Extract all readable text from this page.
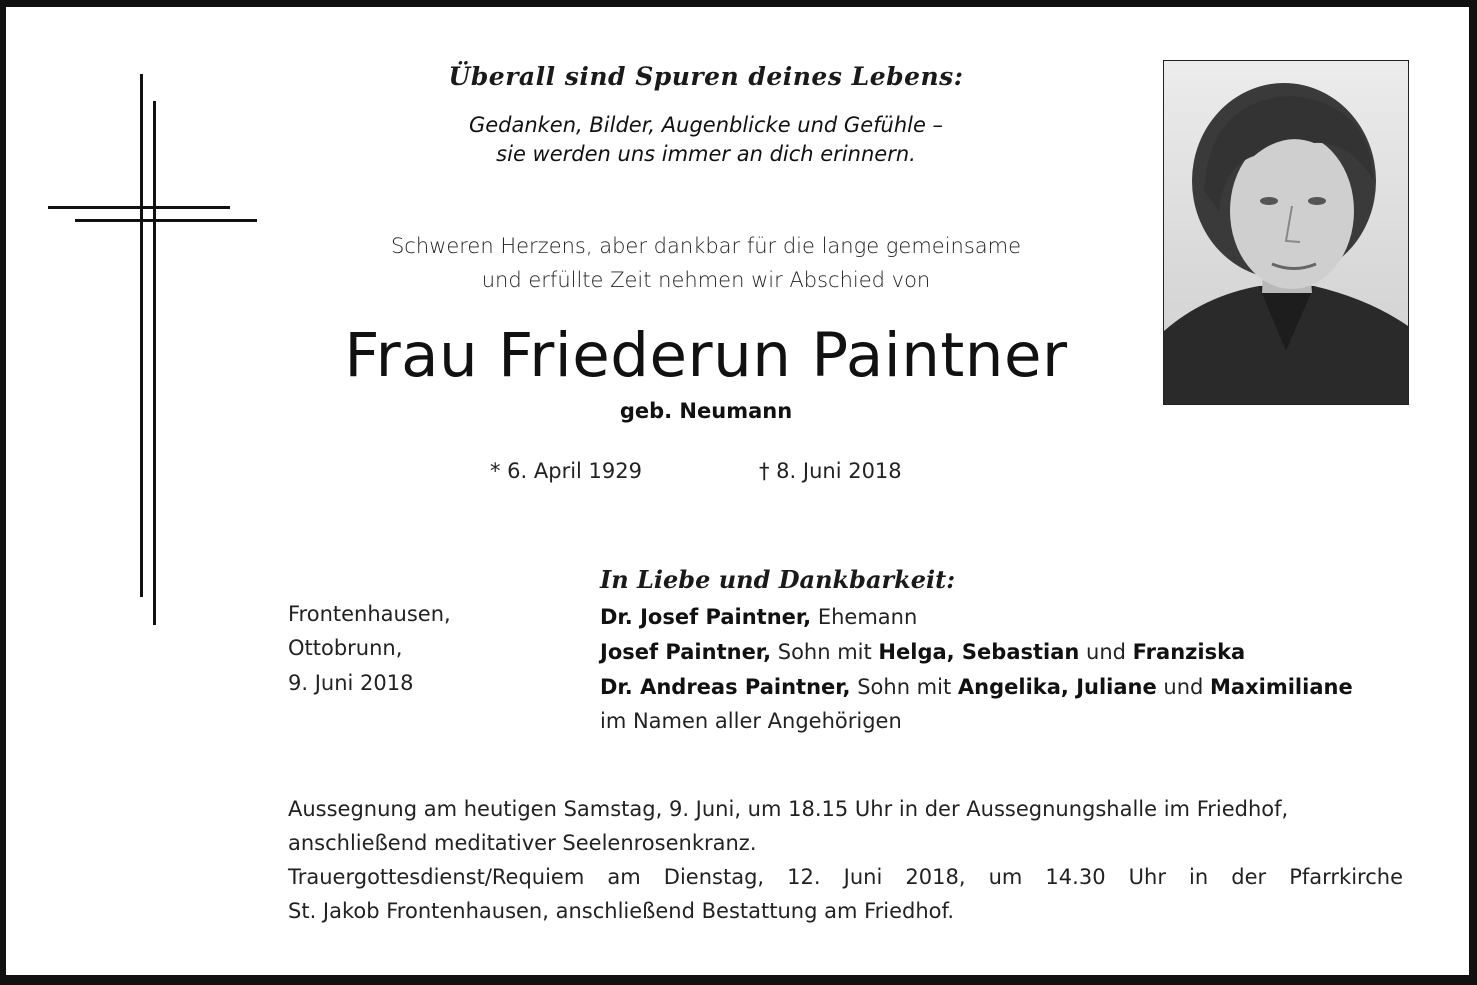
Überall sind Spuren deines Lebens:
Gedanken, Bilder, Augenblicke und Gefühle –
sie werden uns immer an dich erinnern.
Schweren Herzens, aber dankbar für die lange gemeinsame
und erfüllte Zeit nehmen wir Abschied von
Frau Friederun Paintner
geb. Neumann
* 6. April 1929	† 8. Juni 2018
In Liebe und Dankbarkeit:
Frontenhausen,
Ottobrunn,
9. Juni 2018
Dr. Josef Paintner, Ehemann
Josef Paintner, Sohn mit Helga, Sebastian und Franziska
Dr. Andreas Paintner, Sohn mit Angelika, Juliane und Maximiliane
im Namen aller Angehörigen
Aussegnung am heutigen Samstag, 9. Juni, um 18.15 Uhr in der Aussegnungshalle im Friedhof,
anschließend meditativer Seelenrosenkranz.
Trauergottesdienst/Requiem am Dienstag, 12. Juni 2018, um 14.30 Uhr in der Pfarrkirche
St. Jakob Frontenhausen, anschließend Bestattung am Friedhof.
